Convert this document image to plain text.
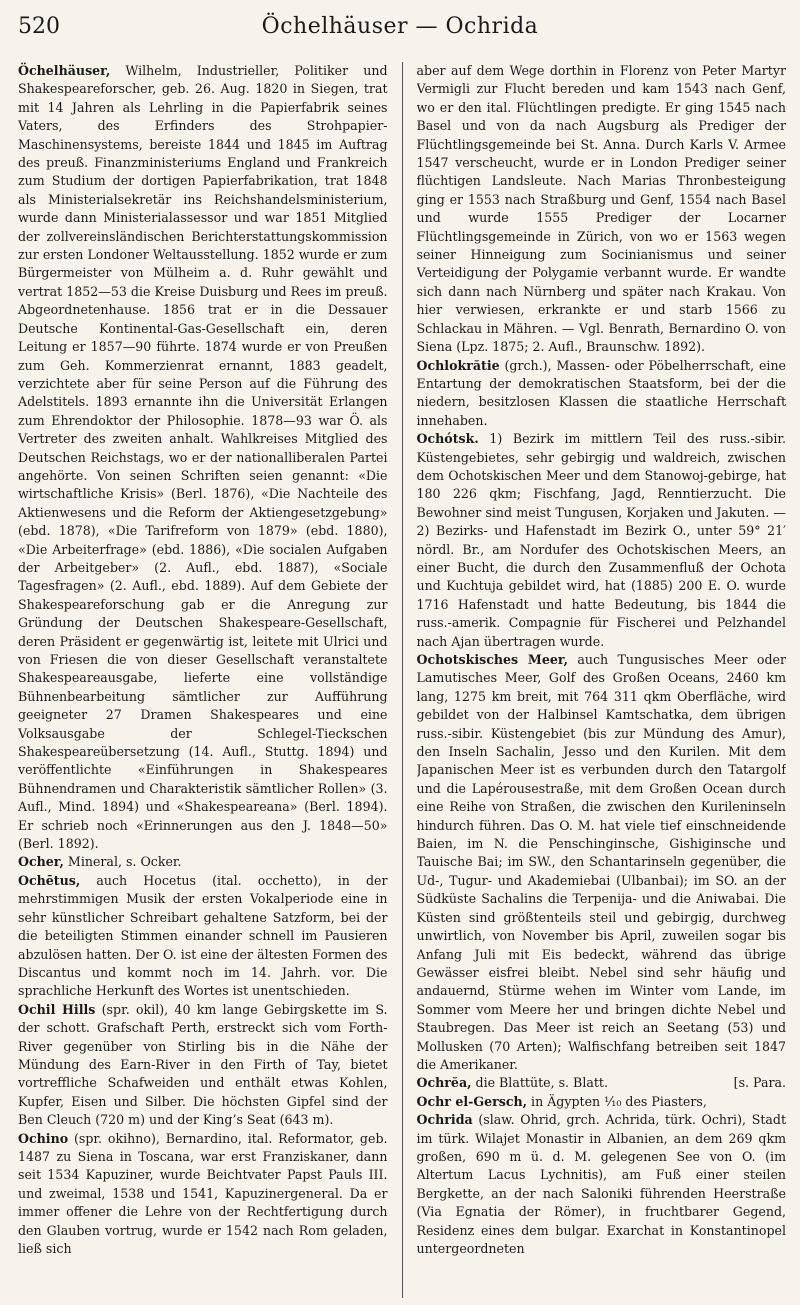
520	Öchelhäuser — Ochrida

Öchelhäuser, Wilhelm, Industrieller, Politiker und Shakespeareforscher, geb. 26. Aug. 1820 in Siegen, trat mit 14 Jahren als Lehrling in die Papierfabrik seines Vaters, des Erfinders des Strohpapier-Maschinensystems, bereiste 1844 und 1845 im Auftrag des preuß. Finanzministeriums England und Frankreich zum Studium der dortigen Papierfabrikation, trat 1848 als Ministerialsekretär ins Reichshandelsministerium, wurde dann Ministerialassessor und war 1851 Mitglied der zollvereinsländischen Berichterstattungskommission zur ersten Londoner Weltausstellung. 1852 wurde er zum Bürgermeister von Mülheim a. d. Ruhr gewählt und vertrat 1852—53 die Kreise Duisburg und Rees im preuß. Abgeordnetenhause. 1856 trat er in die Dessauer Deutsche Kontinental-Gas-Gesellschaft ein, deren Leitung er 1857—90 führte. 1874 wurde er von Preußen zum Geh. Kommerzienrat ernannt, 1883 geadelt, verzichtete aber für seine Person auf die Führung des Adelstitels. 1893 ernannte ihn die Universität Erlangen zum Ehrendoktor der Philosophie. 1878—93 war Ö. als Vertreter des zweiten anhalt. Wahlkreises Mitglied des Deutschen Reichstags, wo er der nationalliberalen Partei angehörte. Von seinen Schriften seien genannt: «Die wirtschaftliche Krisis» (Berl. 1876), «Die Nachteile des Aktienwesens und die Reform der Aktiengesetzgebung» (ebd. 1878), «Die Tarifreform von 1879» (ebd. 1880), «Die Arbeiterfrage» (ebd. 1886), «Die socialen Aufgaben der Arbeitgeber» (2. Aufl., ebd. 1887), «Sociale Tagesfragen» (2. Aufl., ebd. 1889). Auf dem Gebiete der Shakespeareforschung gab er die Anregung zur Gründung der Deutschen Shakespeare-Gesellschaft, deren Präsident er gegenwärtig ist, leitete mit Ulrici und von Friesen die von dieser Gesellschaft veranstaltete Shakespeareausgabe, lieferte eine vollständige Bühnenbearbeitung sämtlicher zur Aufführung geeigneter 27 Dramen Shakespeares und eine Volksausgabe der Schlegel-Tieckschen Shakespeareübersetzung (14. Aufl., Stuttg. 1894) und veröffentlichte «Einführungen in Shakespeares Bühnendramen und Charakteristik sämtlicher Rollen» (3. Aufl., Mind. 1894) und «Shakespeareana» (Berl. 1894). Er schrieb noch «Erinnerungen aus den J. 1848—50» (Berl. 1892).

Ocher, Mineral, s. Ocker.

Ochētus, auch Hocetus (ital. occhetto), in der mehrstimmigen Musik der ersten Vokalperiode eine in sehr künstlicher Schreibart gehaltene Satzform, bei der die beteiligten Stimmen einander schnell im Pausieren abzulösen hatten. Der O. ist eine der ältesten Formen des Discantus und kommt noch im 14. Jahrh. vor. Die sprachliche Herkunft des Wortes ist unentschieden.

Ochil Hills (spr. okil), 40 km lange Gebirgskette im S. der schott. Grafschaft Perth, erstreckt sich vom Forth-River gegenüber von Stirling bis in die Nähe der Mündung des Earn-River in den Firth of Tay, bietet vortreffliche Schafweiden und enthält etwas Kohlen, Kupfer, Eisen und Silber. Die höchsten Gipfel sind der Ben Cleuch (720 m) und der King’s Seat (643 m).

Ochino (spr. okihno), Bernardino, ital. Reformator, geb. 1487 zu Siena in Toscana, war erst Franziskaner, dann seit 1534 Kapuziner, wurde Beichtvater Papst Pauls III. und zweimal, 1538 und 1541, Kapuzinergeneral. Da er immer offener die Lehre von der Rechtfertigung durch den Glauben vortrug, wurde er 1542 nach Rom geladen, ließ sich

aber auf dem Wege dorthin in Florenz von Peter Martyr Vermigli zur Flucht bereden und kam 1543 nach Genf, wo er den ital. Flüchtlingen predigte. Er ging 1545 nach Basel und von da nach Augsburg als Prediger der Flüchtlingsgemeinde bei St. Anna. Durch Karls V. Armee 1547 verscheucht, wurde er in London Prediger seiner flüchtigen Landsleute. Nach Marias Thronbesteigung ging er 1553 nach Straßburg und Genf, 1554 nach Basel und wurde 1555 Prediger der Locarner Flüchtlingsgemeinde in Zürich, von wo er 1563 wegen seiner Hinneigung zum Socinianismus und seiner Verteidigung der Polygamie verbannt wurde. Er wandte sich dann nach Nürnberg und später nach Krakau. Von hier verwiesen, erkrankte er und starb 1566 zu Schlackau in Mähren. — Vgl. Benrath, Bernardino O. von Siena (Lpz. 1875; 2. Aufl., Braunschw. 1892).

Ochlokrătie (grch.), Massen- oder Pöbelherrschaft, eine Entartung der demokratischen Staatsform, bei der die niedern, besitzlosen Klassen die staatliche Herrschaft innehaben.

Ochótsk. 1) Bezirk im mittlern Teil des russ.-sibir. Küstengebietes, sehr gebirgig und waldreich, zwischen dem Ochotskischen Meer und dem Stanowoj-gebirge, hat 180 226 qkm; Fischfang, Jagd, Renntierzucht. Die Bewohner sind meist Tungusen, Korjaken und Jakuten. — 2) Bezirks- und Hafenstadt im Bezirk O., unter 59° 21′ nördl. Br., am Nordufer des Ochotskischen Meers, an einer Bucht, die durch den Zusammenfluß der Ochota und Kuchtuja gebildet wird, hat (1885) 200 E. O. wurde 1716 Hafenstadt und hatte Bedeutung, bis 1844 die russ.-amerik. Compagnie für Fischerei und Pelzhandel nach Ajan übertragen wurde.

Ochotskisches Meer, auch Tungusisches Meer oder Lamutisches Meer, Golf des Großen Oceans, 2460 km lang, 1275 km breit, mit 764 311 qkm Oberfläche, wird gebildet von der Halbinsel Kamtschatka, dem übrigen russ.-sibir. Küstengebiet (bis zur Mündung des Amur), den Inseln Sachalin, Jesso und den Kurilen. Mit dem Japanischen Meer ist es verbunden durch den Tatargolf und die Lapérousestraße, mit dem Großen Ocean durch eine Reihe von Straßen, die zwischen den Kurileninseln hindurch führen. Das O. M. hat viele tief einschneidende Baien, im N. die Penschinginsche, Gishiginsche und Tauische Bai; im SW., den Schantarinseln gegenüber, die Ud-, Tugur- und Akademiebai (Ulbanbai); im SO. an der Südküste Sachalins die Terpenija- und die Aniwabai. Die Küsten sind größtenteils steil und gebirgig, durchweg unwirtlich, von November bis April, zuweilen sogar bis Anfang Juli mit Eis bedeckt, während das übrige Gewässer eisfrei bleibt. Nebel sind sehr häufig und andauernd, Stürme wehen im Winter vom Lande, im Sommer vom Meere her und bringen dichte Nebel und Staubregen. Das Meer ist reich an Seetang (53) und Mollusken (70 Arten); Walfischfang betreiben seit 1847 die Amerikaner.

Ochrĕa, die Blattüte, s. Blatt.	[s. Para.

Ochr el-Gersch, in Ägypten ¹⁄₁₀ des Piasters,

Ochrida (slaw. Ohrid, grch. Achrida, türk. Ochri), Stadt im türk. Wilajet Monastir in Albanien, an dem 269 qkm großen, 690 m ü. d. M. gelegenen See von O. (im Altertum Lacus Lychnitis), am Fuß einer steilen Bergkette, an der nach Saloniki führenden Heerstraße (Via Egnatia der Römer), in fruchtbarer Gegend, Residenz eines dem bulgar. Exarchat in Konstantinopel untergeordneten
